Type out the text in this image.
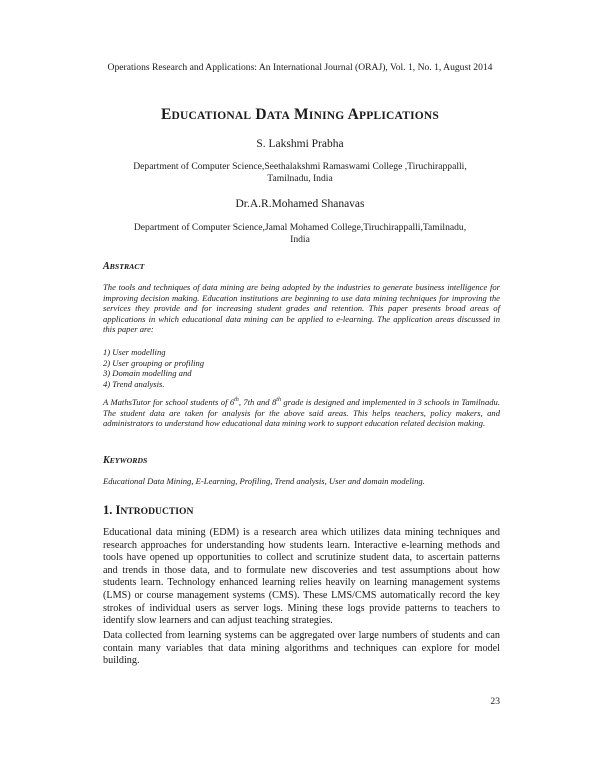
Operations Research and Applications: An International Journal (ORAJ), Vol. 1, No. 1, August 2014
EDUCATIONAL DATA MINING APPLICATIONS
S. Lakshmi Prabha
Department of Computer Science,Seethalakshmi Ramaswami College ,Tiruchirappalli,
Tamilnadu, India
Dr.A.R.Mohamed Shanavas
Department of Computer Science,Jamal Mohamed College,Tiruchirappalli,Tamilnadu,
India
ABSTRACT
The tools and techniques of data mining are being adopted by the industries to generate business intelligence for improving decision making. Education institutions are beginning to use data mining techniques for improving the services they provide and for increasing student grades and retention. This paper presents broad areas of applications in which educational data mining can be applied to e-learning. The application areas discussed in this paper are:
1) User modelling
2) User grouping or profiling
3) Domain modelling and
4) Trend analysis.
A MathsTutor for school students of 6th, 7th and 8th grade is designed and implemented in 3 schools in Tamilnadu. The student data are taken for analysis for the above said areas. This helps teachers, policy makers, and administrators to understand how educational data mining work to support education related decision making.
KEYWORDS
Educational Data Mining, E-Learning, Profiling, Trend analysis, User and domain modeling.
1. INTRODUCTION
Educational data mining (EDM) is a research area which utilizes data mining techniques and research approaches for understanding how students learn. Interactive e-learning methods and tools have opened up opportunities to collect and scrutinize student data, to ascertain patterns and trends in those data, and to formulate new discoveries and test assumptions about how students learn. Technology enhanced learning relies heavily on learning management systems (LMS) or course management systems (CMS). These LMS/CMS automatically record the key strokes of individual users as server logs. Mining these logs provide patterns to teachers to identify slow learners and can adjust teaching strategies.
Data collected from learning systems can be aggregated over large numbers of students and can contain many variables that data mining algorithms and techniques can explore for model building.
23
